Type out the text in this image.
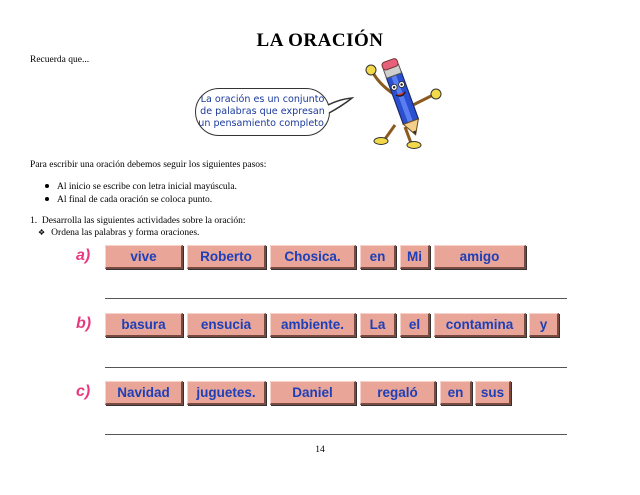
LA ORACIÓN
Recuerda que...
La oración es un conjunto
de palabras que expresan
un pensamiento completo.
Para escribir una oración debemos seguir los siguientes pasos:
Al inicio se escribe con letra inicial mayúscula.
Al final de cada oración se coloca punto.
1. Desarrolla las siguientes actividades sobre la oración:
❖ Ordena las palabras y forma oraciones.
a)	vive	Roberto	Chosica.	en	Mi	amigo
b)	basura	ensucia	ambiente.	La	el	contamina	y
c)	Navidad	juguetes.	Daniel	regaló	en	sus
14
